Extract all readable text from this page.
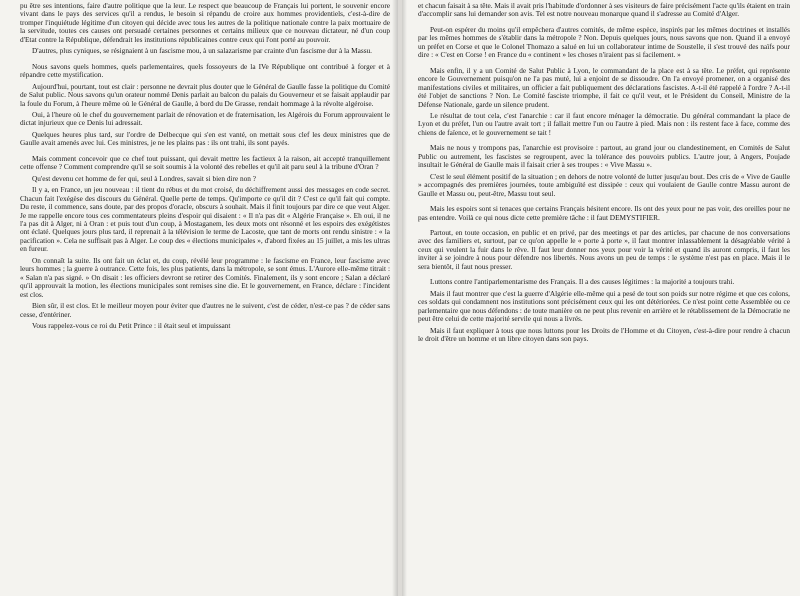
pu être ses intentions, faire d'autre politique que la leur. Le respect que beaucoup de Français lui portent, le souvenir encore vivant dans le pays des services qu'il a rendus, le besoin si répandu de croire aux hommes providentiels, c'est-à-dire de tromper l'inquiétude légitime d'un citoyen qui décide avec tous les autres de la politique nationale contre la paix mortuaire de la servitude, toutes ces causes ont persuadé certaines personnes et certains milieux que ce nouveau dictateur, né d'un coup d'Etat contre la République, défendrait les institutions républicaines contre ceux qui l'ont porté au pouvoir.

D'autres, plus cyniques, se résignaient à un fascisme mou, à un salazarisme par crainte d'un fascisme dur à la Massu.

Nous savons quels hommes, quels parlementaires, quels fossoyeurs de la IVe République ont contribué à forger et à répandre cette mystification.

Aujourd'hui, pourtant, tout est clair : personne ne devrait plus douter que le Général de Gaulle fasse la politique du Comité de Salut public. Nous savons qu'un orateur nommé Denis parlait au balcon du palais du Gouverneur et se faisait applaudir par la foule du Forum, à l'heure même où le Général de Gaulle, à bord du De Grasse, rendait hommage à la révolte algéroise.

Oui, à l'heure où le chef du gouvernement parlait de rénovation et de fraternisation, les Algérois du Forum approuvaient le dictat injurieux que ce Denis lui adressait.

Quelques heures plus tard, sur l'ordre de Delbecque qui s'en est vanté, on mettait sous clef les deux ministres que de Gaulle avait amenés avec lui. Ces ministres, je ne les plains pas : ils ont trahi, ils sont payés.

Mais comment concevoir que ce chef tout puissant, qui devait mettre les factieux à la raison, ait accepté tranquillement cette offense ? Comment comprendre qu'il se soit soumis à la volonté des rebelles et qu'il ait paru seul à la tribune d'Oran ?

Qu'est devenu cet homme de fer qui, seul à Londres, savait si bien dire non ?

Il y a, en France, un jeu nouveau : il tient du rébus et du mot croisé, du déchiffrement aussi des messages en code secret. Chacun fait l'exégèse des discours du Général. Quelle perte de temps. Qu'importe ce qu'il dit ? C'est ce qu'il fait qui compte. Du reste, il commence, sans doute, par des propos d'oracle, obscurs à souhait. Mais il finit toujours par dire ce que veut Alger. Je me rappelle encore tous ces commentateurs pleins d'espoir qui disaient : « Il n'a pas dit « Algérie Française ». Eh oui, il ne l'a pas dit à Alger, ni à Oran : et puis tout d'un coup, à Mostaganem, les deux mots ont résonné et les espoirs des exégétistes ont éclaté. Quelques jours plus tard, il reprenait à la télévision le terme de Lacoste, que tant de morts ont rendu sinistre : « la pacification ». Cela ne suffisait pas à Alger. Le coup des « élections municipales », d'abord fixées au 15 juillet, a mis les ultras en fureur.

On connaît la suite. Ils ont fait un éclat et, du coup, révélé leur programme : le fascisme en France, leur fascisme avec leurs hommes ; la guerre à outrance. Cette fois, les plus patients, dans la métropole, se sont émus. L'Aurore elle-même titrait : « Salan n'a pas signé. » On disait : les officiers devront se retirer des Comités. Finalement, ils y sont encore ; Salan a déclaré qu'il approuvait la motion, les élections municipales sont remises sine die. Et le gouvernement, en France, déclare : l'incident est clos.

Bien sûr, il est clos. Et le meilleur moyen pour éviter que d'autres ne le suivent, c'est de céder, n'est-ce pas ? de céder sans cesse, d'entériner.

Vous rappelez-vous ce roi du Petit Prince : il était seul et impuissant

et chacun faisait à sa tête. Mais il avait pris l'habitude d'ordonner à ses visiteurs de faire précisément l'acte qu'ils étaient en train d'accomplir sans lui demander son avis. Tel est notre nouveau monarque quand il s'adresse au Comité d'Alger.

Peut-on espérer du moins qu'il empêchera d'autres comités, de même espèce, inspirés par les mêmes doctrines et installés par les mêmes hommes de s'établir dans la métropole ? Non. Depuis quelques jours, nous savons que non. Quand il a envoyé un préfet en Corse et que le Colonel Thomazo a salué en lui un collaborateur intime de Soustelle, il s'est trouvé des naïfs pour dire : « C'est en Corse ! en France du « continent » les choses n'iraient pas si facilement. »

Mais enfin, il y a un Comité de Salut Public à Lyon, le commandant de la place est à sa tête. Le préfet, qui représente encore le Gouvernement puisqu'on ne l'a pas muté, lui a enjoint de se dissoudre. On l'a envoyé promener, on a organisé des manifestations civiles et militaires, un officier a fait publiquement des déclarations fascistes. A-t-il été rappelé à l'ordre ? A-t-il été l'objet de sanctions ? Non. Le Comité fasciste triomphe, il fait ce qu'il veut, et le Président du Conseil, Ministre de la Défense Nationale, garde un silence prudent.

Le résultat de tout cela, c'est l'anarchie : car il faut encore ménager la démocratie. Du général commandant la place de Lyon et du préfet, l'un ou l'autre avait tort ; il fallait mettre l'un ou l'autre à pied. Mais non : ils restent face à face, comme des chiens de faïence, et le gouvernement se tait !

Mais ne nous y trompons pas, l'anarchie est provisoire : partout, au grand jour ou clandestinement, en Comités de Salut Public ou autrement, les fascistes se regroupent, avec la tolérance des pouvoirs publics. L'autre jour, à Angers, Poujade insultait le Général de Gaulle mais il faisait crier à ses troupes : « Vive Massu ».

C'est le seul élément positif de la situation ; en dehors de notre volonté de lutter jusqu'au bout. Des cris de « Vive de Gaulle » accompagnés des premières journées, toute ambiguïté est dissipée : ceux qui voulaient de Gaulle contre Massu auront de Gaulle et Massu ou, peut-être, Massu tout seul.

Mais les espoirs sont si tenaces que certains Français hésitent encore. Ils ont des yeux pour ne pas voir, des oreilles pour ne pas entendre. Voilà ce qui nous dicte cette première tâche : il faut DEMYSTIFIER.

Partout, en toute occasion, en public et en privé, par des meetings et par des articles, par chacune de nos conversations avec des familiers et, surtout, par ce qu'on appelle le « porte à porte », il faut montrer inlassablement la désagréable vérité à ceux qui veulent la fuir dans le rêve. Il faut leur donner nos yeux pour voir la vérité et quand ils auront compris, il faut les inviter à se joindre à nous pour défendre nos libertés. Nous avons un peu de temps : le système n'est pas en place. Mais il le sera bientôt, il faut nous presser.

Luttons contre l'antiparlementarisme des Français. Il a des causes légitimes : la majorité a toujours trahi.

Mais il faut montrer que c'est la guerre d'Algérie elle-même qui a pesé de tout son poids sur notre régime et que ces colons, ces soldats qui condamnent nos institutions sont précisément ceux qui les ont détériorées. Ce n'est point cette Assemblée ou ce parlementaire que nous défendons : de toute manière on ne peut plus revenir en arrière et le rétablissement de la Démocratie ne peut être celui de cette majorité servile qui nous a livrés.

Mais il faut expliquer à tous que nous luttons pour les Droits de l'Homme et du Citoyen, c'est-à-dire pour rendre à chacun le droit d'être un homme et un libre citoyen dans son pays.
